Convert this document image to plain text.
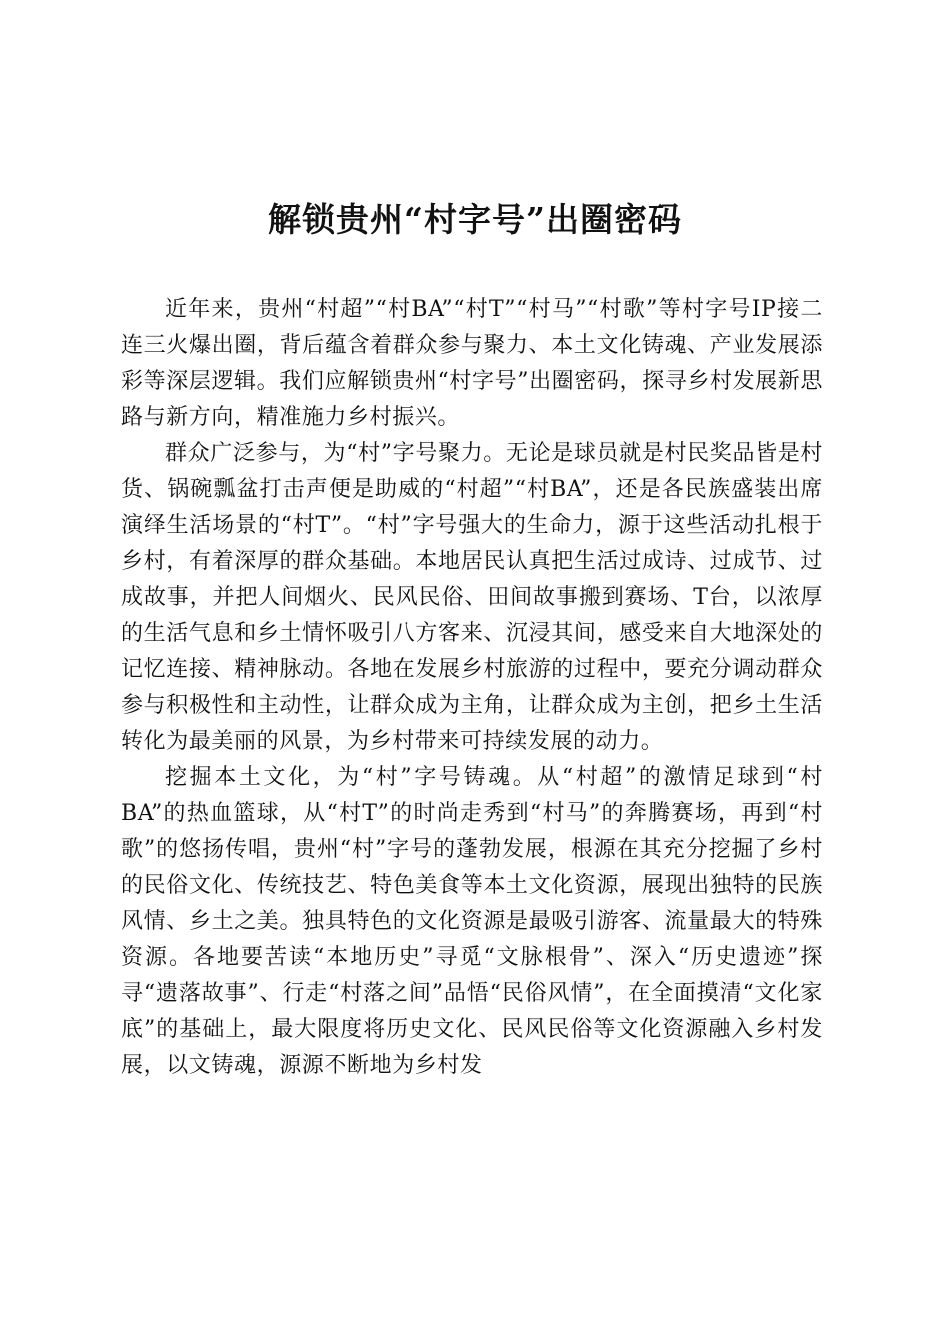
解锁贵州“村字号”出圈密码

近年来，贵州“村超”“村BA”“村T”“村马”“村歌”等村字号IP接二连三火爆出圈，背后蕴含着群众参与聚力、本土文化铸魂、产业发展添彩等深层逻辑。我们应解锁贵州“村字号”出圈密码，探寻乡村发展新思路与新方向，精准施力乡村振兴。

群众广泛参与，为“村”字号聚力。无论是球员就是村民奖品皆是村货、锅碗瓢盆打击声便是助威的“村超”“村BA”，还是各民族盛装出席演绎生活场景的“村T”。“村”字号强大的生命力，源于这些活动扎根于乡村，有着深厚的群众基础。本地居民认真把生活过成诗、过成节、过成故事，并把人间烟火、民风民俗、田间故事搬到赛场、T台，以浓厚的生活气息和乡土情怀吸引八方客来、沉浸其间，感受来自大地深处的记忆连接、精神脉动。各地在发展乡村旅游的过程中，要充分调动群众参与积极性和主动性，让群众成为主角，让群众成为主创，把乡土生活转化为最美丽的风景，为乡村带来可持续发展的动力。

挖掘本土文化，为“村”字号铸魂。从“村超”的激情足球到“村BA”的热血篮球，从“村T”的时尚走秀到“村马”的奔腾赛场，再到“村歌”的悠扬传唱，贵州“村”字号的蓬勃发展，根源在其充分挖掘了乡村的民俗文化、传统技艺、特色美食等本土文化资源，展现出独特的民族风情、乡土之美。独具特色的文化资源是最吸引游客、流量最大的特殊资源。各地要苦读“本地历史”寻觅“文脉根骨”、深入“历史遗迹”探寻“遗落故事”、行走“村落之间”品悟“民俗风情”，在全面摸清“文化家底”的基础上，最大限度将历史文化、民风民俗等文化资源融入乡村发展，以文铸魂，源源不断地为乡村发
